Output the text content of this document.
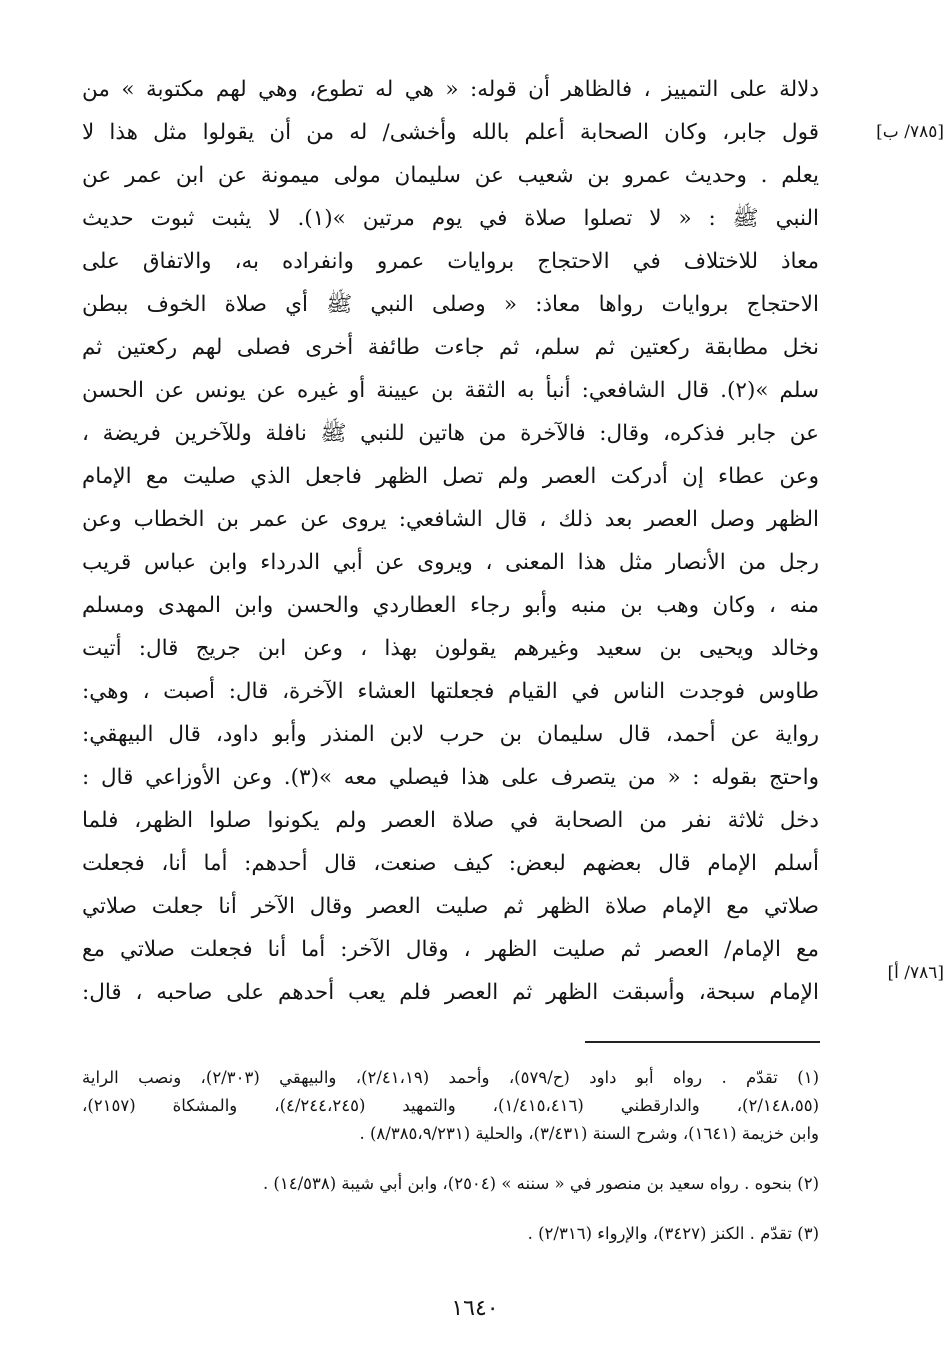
دلالة على التمييز ، فالظاهر أن قوله: « هي له تطوع، وهي لهم مكتوبة » من
قول جابر، وكان الصحابة أعلم بالله وأخشى/ له من أن يقولوا مثل هذا لا
يعلم . وحديث عمرو بن شعيب عن سليمان مولى ميمونة عن ابن عمر عن
النبي ﷺ : « لا تصلوا صلاة في يوم مرتين »(١). لا يثبت ثبوت حديث
معاذ للاختلاف في الاحتجاج بروايات عمرو وانفراده به، والاتفاق على
الاحتجاج بروايات رواها معاذ: « وصلى النبي ﷺ أي صلاة الخوف ببطن
نخل مطابقة ركعتين ثم سلم، ثم جاءت طائفة أخرى فصلى لهم ركعتين ثم
سلم »(٢). قال الشافعي: أنبأ به الثقة بن عيينة أو غيره عن يونس عن الحسن
عن جابر فذكره، وقال: فالآخرة من هاتين للنبي ﷺ نافلة وللآخرين فريضة ،
وعن عطاء إن أدركت العصر ولم تصل الظهر فاجعل الذي صليت مع الإمام
الظهر وصل العصر بعد ذلك ، قال الشافعي: يروى عن عمر بن الخطاب وعن
رجل من الأنصار مثل هذا المعنى ، ويروى عن أبي الدرداء وابن عباس قريب
منه ، وكان وهب بن منبه وأبو رجاء العطاردي والحسن وابن المهدى ومسلم
وخالد ويحيى بن سعيد وغيرهم يقولون بهذا ، وعن ابن جريج قال: أتيت
طاوس فوجدت الناس في القيام فجعلتها العشاء الآخرة، قال: أصبت ، وهي:
رواية عن أحمد، قال سليمان بن حرب لابن المنذر وأبو داود، قال البيهقي:
واحتج بقوله : « من يتصرف على هذا فيصلي معه »(٣). وعن الأوزاعي قال :
دخل ثلاثة نفر من الصحابة في صلاة العصر ولم يكونوا صلوا الظهر، فلما
أسلم الإمام قال بعضهم لبعض: كيف صنعت، قال أحدهم: أما أنا، فجعلت
صلاتي مع الإمام صلاة الظهر ثم صليت العصر وقال الآخر أنا جعلت صلاتي
مع الإمام/ العصر ثم صليت الظهر ، وقال الآخر: أما أنا فجعلت صلاتي مع
الإمام سبحة، وأسبقت الظهر ثم العصر فلم يعب أحدهم على صاحبه ، قال:
[٧٨٥/ ب]
[٧٨٦/ أ]
(١) تقدّم . رواه أبو داود (ح/٥٧٩)، وأحمد (٢/٤١،١٩)، والبيهقي (٢/٣٠٣)، ونصب الراية
(٢/١٤٨،٥٥)، والدارقطني (١/٤١٥،٤١٦)، والتمهيد (٤/٢٤٤،٢٤٥)، والمشكاة (٢١٥٧)،
وابن خزيمة (١٦٤١)، وشرح السنة (٣/٤٣١)، والحلية (٨/٣٨٥،٩/٢٣١) .
(٢) بنحوه . رواه سعيد بن منصور في « سننه » (٢٥٠٤)، وابن أبي شيبة (١٤/٥٣٨) .
(٣) تقدّم . الكنز (٣٤٢٧)، والإرواء (٢/٣١٦) .
١٦٤٠
